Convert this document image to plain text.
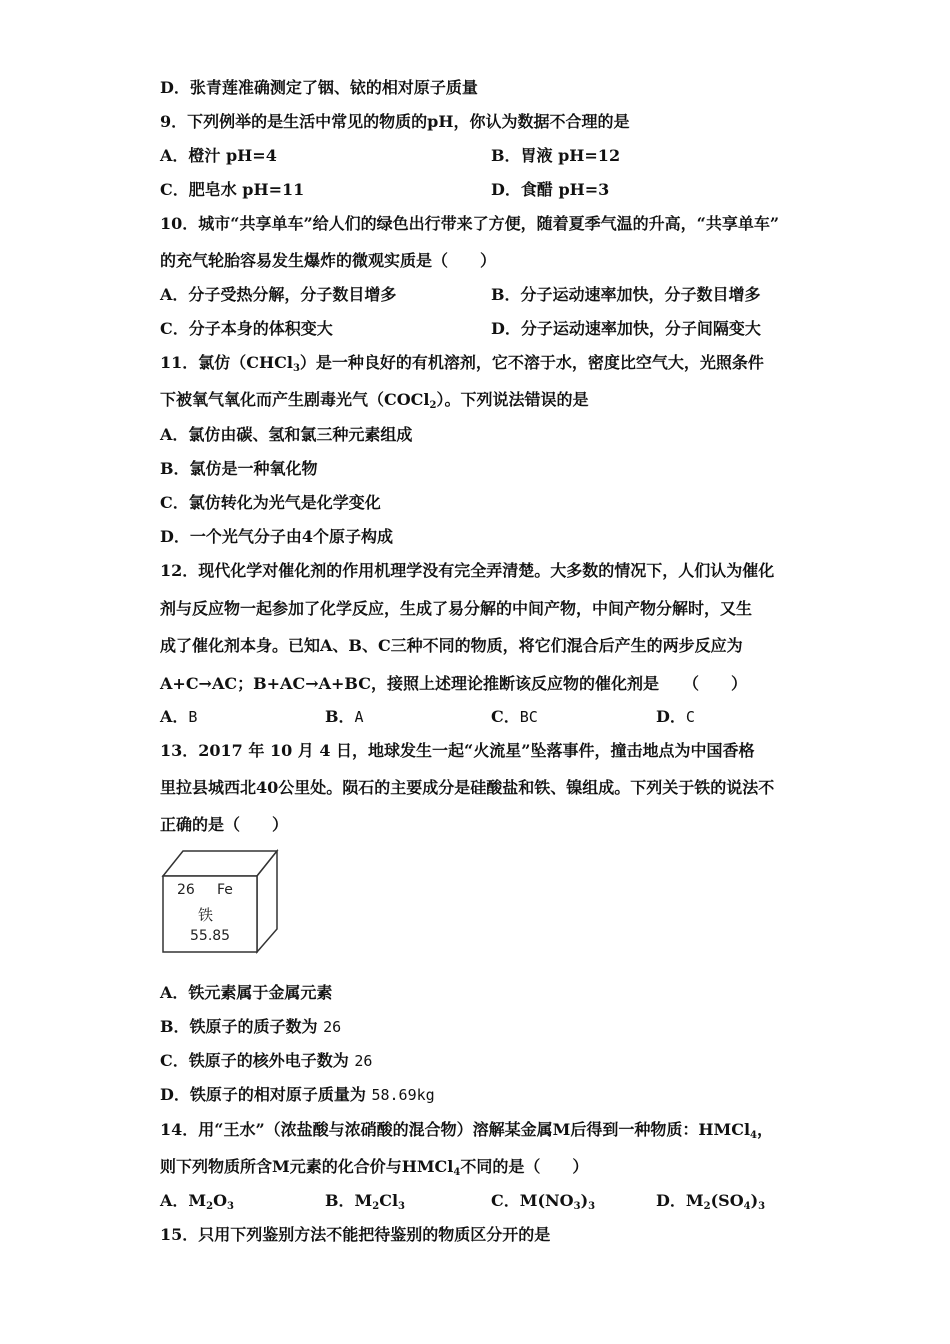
D．张青莲准确测定了铟、铱的相对原子质量
9．下列例举的是生活中常见的物质的pH，你认为数据不合理的是
A．橙汁 pH=4	B．胃液 pH=12
C．肥皂水 pH=11	D．食醋 pH=3
10．城市“共享单车”给人们的绿色出行带来了方便，随着夏季气温的升高，“共享单车”
的充气轮胎容易发生爆炸的微观实质是（　　）
A．分子受热分解，分子数目增多	B．分子运动速率加快，分子数目增多
C．分子本身的体积变大	D．分子运动速率加快，分子间隔变大
11．氯仿（CHCl$_3$）是一种良好的有机溶剂，它不溶于水，密度比空气大，光照条件
下被氧气氧化而产生剧毒光气（COCl$_2$）。下列说法错误的是
A．氯仿由碳、氢和氯三种元素组成
B．氯仿是一种氧化物
C．氯仿转化为光气是化学变化
D．一个光气分子由4个原子构成
12．现代化学对催化剂的作用机理学没有完全弄清楚。大多数的情况下，人们认为催化
剂与反应物一起参加了化学反应，生成了易分解的中间产物，中间产物分解时，又生
成了催化剂本身。已知A、B、C三种不同的物质，将它们混合后产生的两步反应为
A+C→AC；B+AC→A+BC，接照上述理论推断该反应物的催化剂是　　（　　）
A．B	B．A	C．BC	D．C
13．2017 年 10 月 4 日，地球发生一起“火流星”坠落事件，撞击地点为中国香格
里拉县城西北40公里处。陨石的主要成分是硅酸盐和铁、镍组成。下列关于铁的说法不
正确的是（　　）
26 Fe
铁
55.85
A．铁元素属于金属元素
B．铁原子的质子数为 26
C．铁原子的核外电子数为 26
D．铁原子的相对原子质量为 58.69kg
14．用“王水”（浓盐酸与浓硝酸的混合物）溶解某金属M后得到一种物质：HMCl$_4$，
则下列物质所含M元素的化合价与HMCl$_4$不同的是（　　）
A．$M_2O_3$	B．$M_2Cl_3$	C．$M(NO_3)_3$	D．$M_2(SO_4)_3$
15．只用下列鉴别方法不能把待鉴别的物质区分开的是
